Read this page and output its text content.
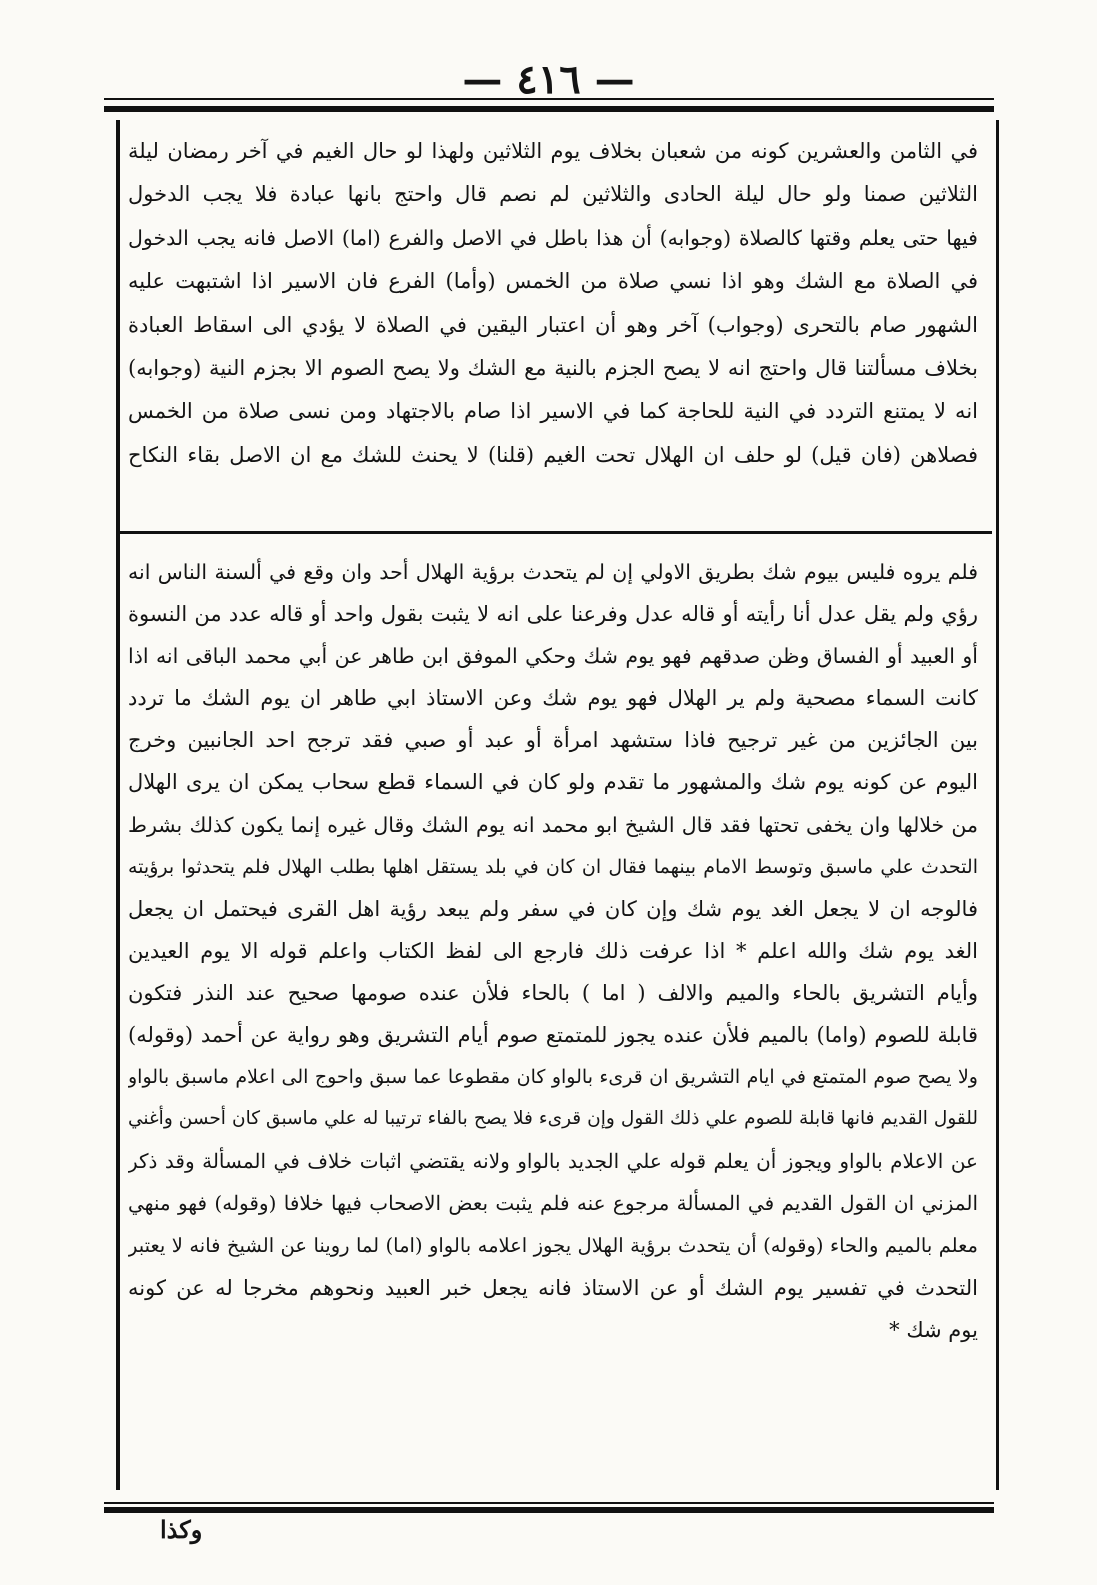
— ٤١٦ —
في الثامن والعشرين كونه من شعبان بخلاف يوم الثلاثين ولهذا لو حال الغيم في آخر رمضان ليلة
الثلاثين صمنا ولو حال ليلة الحادى والثلاثين لم نصم قال واحتج بانها عبادة فلا يجب الدخول
فيها حتى يعلم وقتها كالصلاة (وجوابه) أن هذا باطل في الاصل والفرع (اما) الاصل فانه يجب الدخول
في الصلاة مع الشك وهو اذا نسي صلاة من الخمس (وأما) الفرع فان الاسير اذا اشتبهت عليه
الشهور صام بالتحرى (وجواب) آخر وهو أن اعتبار اليقين في الصلاة لا يؤدي الى اسقاط العبادة
بخلاف مسألتنا قال واحتج انه لا يصح الجزم بالنية مع الشك ولا يصح الصوم الا بجزم النية (وجوابه)
انه لا يمتنع التردد في النية للحاجة كما في الاسير اذا صام بالاجتهاد ومن نسى صلاة من الخمس
فصلاهن (فان قيل) لو حلف ان الهلال تحت الغيم (قلنا) لا يحنث للشك مع ان الاصل بقاء النكاح
فلم يروه فليس بيوم شك بطريق الاولي إن لم يتحدث برؤية الهلال أحد وان وقع في ألسنة الناس انه
رؤي ولم يقل عدل أنا رأيته أو قاله عدل وفرعنا على انه لا يثبت بقول واحد أو قاله عدد من النسوة
أو العبيد أو الفساق وظن صدقهم فهو يوم شك وحكي الموفق ابن طاهر عن أبي محمد الباقى انه اذا
كانت السماء مصحية ولم ير الهلال فهو يوم شك وعن الاستاذ ابي طاهر ان يوم الشك ما تردد
بين الجائزين من غير ترجيح فاذا ستشهد امرأة أو عبد أو صبي فقد ترجح احد الجانبين وخرج
اليوم عن كونه يوم شك والمشهور ما تقدم ولو كان في السماء قطع سحاب يمكن ان يرى الهلال
من خلالها وان يخفى تحتها فقد قال الشيخ ابو محمد انه يوم الشك وقال غيره إنما يكون كذلك بشرط
التحدث علي ماسبق وتوسط الامام بينهما فقال ان كان في بلد يستقل اهلها بطلب الهلال فلم يتحدثوا برؤيته
فالوجه ان لا يجعل الغد يوم شك وإن كان في سفر ولم يبعد رؤية اهل القرى فيحتمل ان يجعل
الغد يوم شك والله اعلم * اذا عرفت ذلك فارجع الى لفظ الكتاب واعلم قوله الا يوم العيدين
وأيام التشريق بالحاء والميم والالف ( اما ) بالحاء فلأن عنده صومها صحيح عند النذر فتكون
قابلة للصوم (واما) بالميم فلأن عنده يجوز للمتمتع صوم أيام التشريق وهو رواية عن أحمد (وقوله)
ولا يصح صوم المتمتع في ايام التشريق ان قرىء بالواو كان مقطوعا عما سبق واحوج الى اعلام ماسبق بالواو
للقول القديم فانها قابلة للصوم علي ذلك القول وإن قرىء فلا يصح بالفاء ترتيبا له علي ماسبق كان أحسن وأغني
عن الاعلام بالواو ويجوز أن يعلم قوله علي الجديد بالواو ولانه يقتضي اثبات خلاف في المسألة وقد ذكر
المزني ان القول القديم في المسألة مرجوع عنه فلم يثبت بعض الاصحاب فيها خلافا (وقوله) فهو منهي
معلم بالميم والحاء (وقوله) أن يتحدث برؤية الهلال يجوز اعلامه بالواو (اما) لما روينا عن الشيخ فانه لا يعتبر
التحدث في تفسير يوم الشك أو عن الاستاذ فانه يجعل خبر العبيد ونحوهم مخرجا له عن كونه
يوم شك *
وكذا
